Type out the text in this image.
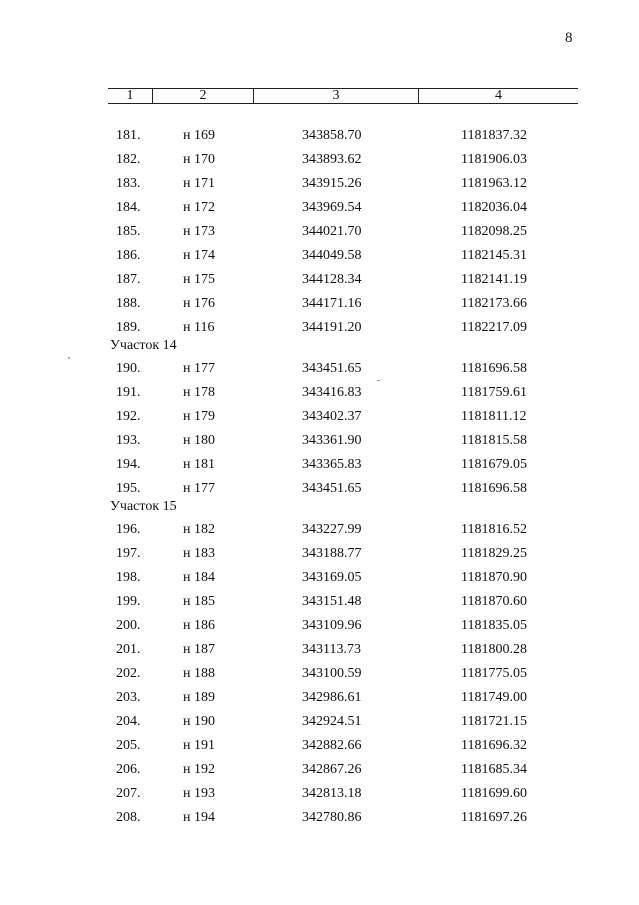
8
1	2	3	4
181.	н 169	343858.70	1181837.32
182.	н 170	343893.62	1181906.03
183.	н 171	343915.26	1181963.12
184.	н 172	343969.54	1182036.04
185.	н 173	344021.70	1182098.25
186.	н 174	344049.58	1182145.31
187.	н 175	344128.34	1182141.19
188.	н 176	344171.16	1182173.66
189.	н 116	344191.20	1182217.09
Участок 14
190.	н 177	343451.65	1181696.58
191.	н 178	343416.83	1181759.61
192.	н 179	343402.37	1181811.12
193.	н 180	343361.90	1181815.58
194.	н 181	343365.83	1181679.05
195.	н 177	343451.65	1181696.58
Участок 15
196.	н 182	343227.99	1181816.52
197.	н 183	343188.77	1181829.25
198.	н 184	343169.05	1181870.90
199.	н 185	343151.48	1181870.60
200.	н 186	343109.96	1181835.05
201.	н 187	343113.73	1181800.28
202.	н 188	343100.59	1181775.05
203.	н 189	342986.61	1181749.00
204.	н 190	342924.51	1181721.15
205.	н 191	342882.66	1181696.32
206.	н 192	342867.26	1181685.34
207.	н 193	342813.18	1181699.60
208.	н 194	342780.86	1181697.26
